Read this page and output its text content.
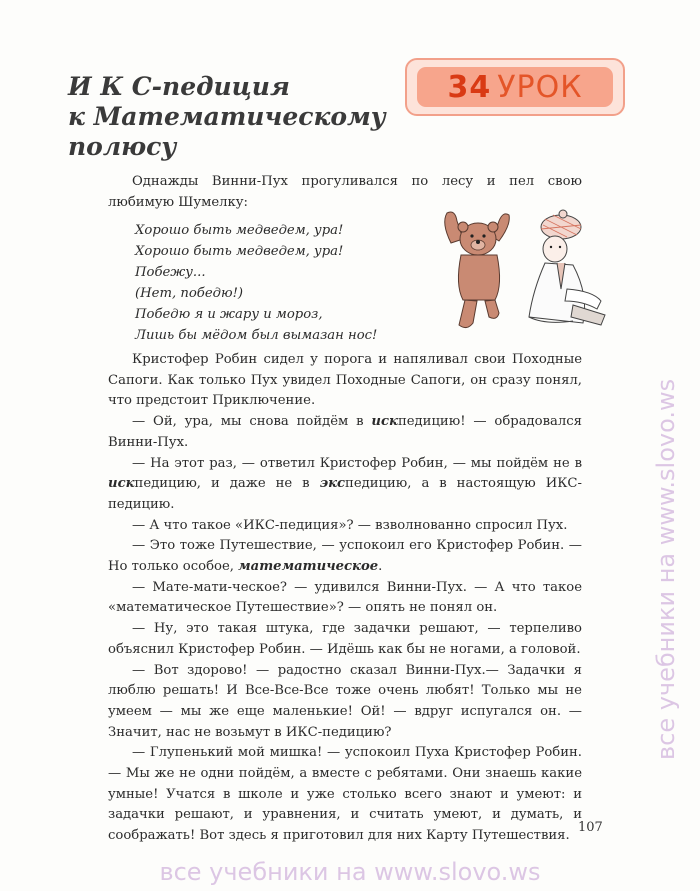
И К С-педиция
к Математическому
полюсу
34 УРОК

Однажды Винни-Пух прогуливался по лесу и пел свою любимую Шумелку:

Хорошо быть медведем, ура!
Хорошо быть медведем, ура!
Побежу...
(Нет, победю!)
Победю я и жару и мороз,
Лишь бы мёдом был вымазан нос!

Кристофер Робин сидел у порога и напяливал свои Походные Сапоги. Как только Пух увидел Походные Сапоги, он сразу понял, что предстоит Приключение.

— Ой, ура, мы снова пойдём в искпедицию! — обрадовался Винни-Пух.

— На этот раз, — ответил Кристофер Робин, — мы пойдём не в искпедицию, и даже не в экспедицию, а в настоящую ИКС-педицию.

— А что такое «ИКС-педиция»? — взволнованно спросил Пух.

— Это тоже Путешествие, — успокоил его Кристофер Робин. — Но только особое, математическое.

— Мате-мати-ческое? — удивился Винни-Пух. — А что такое «математическое Путешествие»? — опять не понял он.

— Ну, это такая штука, где задачки решают, — терпеливо объяснил Кристофер Робин. — Идёшь как бы не ногами, а головой.

— Вот здорово! — радостно сказал Винни-Пух.— Задачки я люблю решать! И Все-Все-Все тоже очень любят! Только мы не умеем — мы же еще маленькие! Ой! — вдруг испугался он. — Значит, нас не возьмут в ИКС-педицию?

— Глупенький мой мишка! — успокоил Пуха Кристофер Робин. — Мы же не одни пойдём, а вместе с ребятами. Они знаешь какие умные! Учатся в школе и уже столько всего знают и умеют: и задачки решают, и уравнения, и считать умеют, и думать, и соображать! Вот здесь я приготовил для них Карту Путешествия.

107
все учебники на www.slovo.ws
все учебники на www.slovo.ws
